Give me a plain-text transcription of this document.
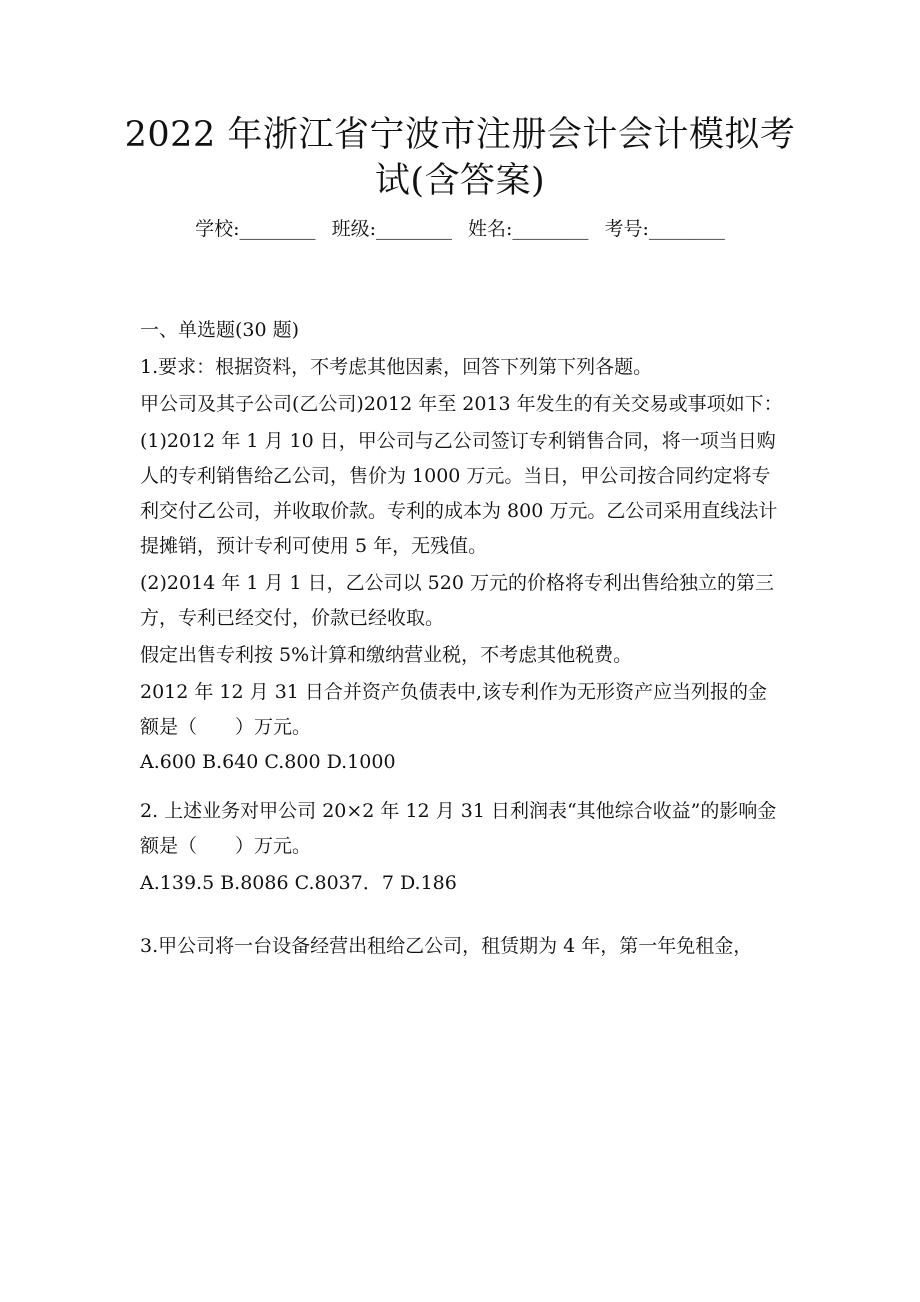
2022 年浙江省宁波市注册会计会计模拟考试(含答案)
学校:________ 班级:________ 姓名:________ 考号:________

一、单选题(30 题)

1.要求：根据资料，不考虑其他因素，回答下列第下列各题。

甲公司及其子公司(乙公司)2012 年至 2013 年发生的有关交易或事项如下：

(1)2012 年 1 月 10 日，甲公司与乙公司签订专利销售合同，将一项当日购人的专利销售给乙公司，售价为 1000 万元。当日，甲公司按合同约定将专利交付乙公司，并收取价款。专利的成本为 800 万元。乙公司采用直线法计提摊销，预计专利可使用 5 年，无残值。

(2)2014 年 1 月 1 日，乙公司以 520 万元的价格将专利出售给独立的第三方，专利已经交付，价款已经收取。

假定出售专利按 5%计算和缴纳营业税，不考虑其他税费。

2012 年 12 月 31 日合并资产负债表中,该专利作为无形资产应当列报的金额是（　　）万元。

A.600 B.640 C.800 D.1000

2. 上述业务对甲公司 20×2 年 12 月 31 日利润表“其他综合收益”的影响金额是（　　）万元。

A.139.5 B.8086 C.8037．7 D.186

3.甲公司将一台设备经营出租给乙公司，租赁期为 4 年，第一年免租金，
